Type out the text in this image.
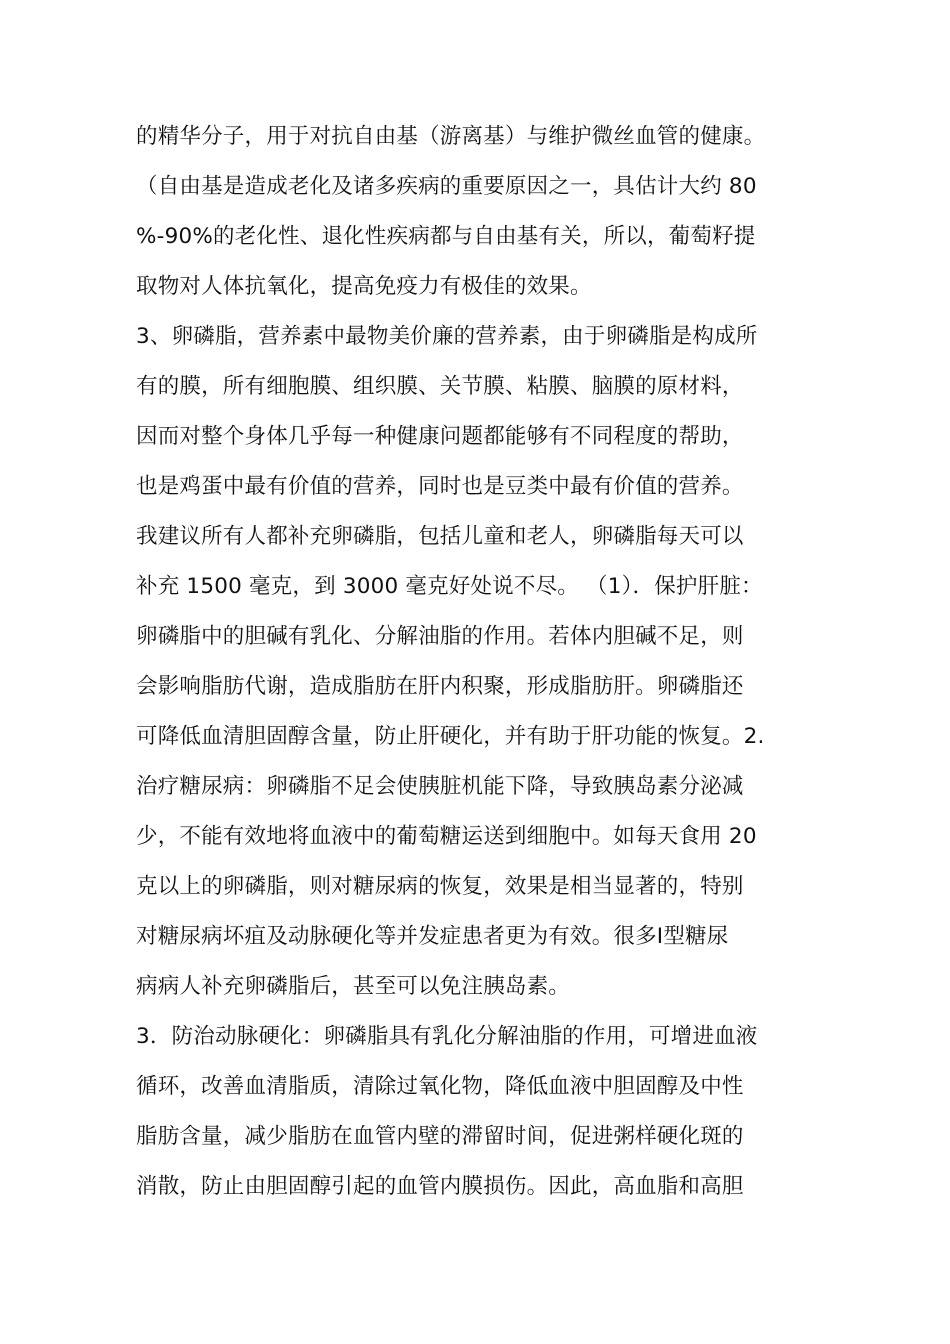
的精华分子，用于对抗自由基（游离基）与维护微丝血管的健康。
（自由基是造成老化及诸多疾病的重要原因之一，具估计大约 80
%-90%的老化性、退化性疾病都与自由基有关，所以，葡萄籽提
取物对人体抗氧化，提高免疫力有极佳的效果。
3、卵磷脂，营养素中最物美价廉的营养素，由于卵磷脂是构成所
有的膜，所有细胞膜、组织膜、关节膜、粘膜、脑膜的原材料，
因而对整个身体几乎每一种健康问题都能够有不同程度的帮助，
也是鸡蛋中最有价值的营养，同时也是豆类中最有价值的营养。
我建议所有人都补充卵磷脂，包括儿童和老人，卵磷脂每天可以
补充 1500 毫克，到 3000 毫克好处说不尽。 （1）．保护肝脏：
卵磷脂中的胆碱有乳化、分解油脂的作用。若体内胆碱不足，则
会影响脂肪代谢，造成脂肪在肝内积聚，形成脂肪肝。卵磷脂还
可降低血清胆固醇含量，防止肝硬化，并有助于肝功能的恢复。2.
治疗糖尿病：卵磷脂不足会使胰脏机能下降，导致胰岛素分泌减
少，不能有效地将血液中的葡萄糖运送到细胞中。如每天食用 20
克以上的卵磷脂，则对糖尿病的恢复，效果是相当显著的，特别
对糖尿病坏疽及动脉硬化等并发症患者更为有效。很多Ⅰ型糖尿
病病人补充卵磷脂后，甚至可以免注胰岛素。
3．防治动脉硬化：卵磷脂具有乳化分解油脂的作用，可增进血液
循环，改善血清脂质，清除过氧化物，降低血液中胆固醇及中性
脂肪含量，减少脂肪在血管内壁的滞留时间，促进粥样硬化斑的
消散，防止由胆固醇引起的血管内膜损伤。因此，高血脂和高胆
